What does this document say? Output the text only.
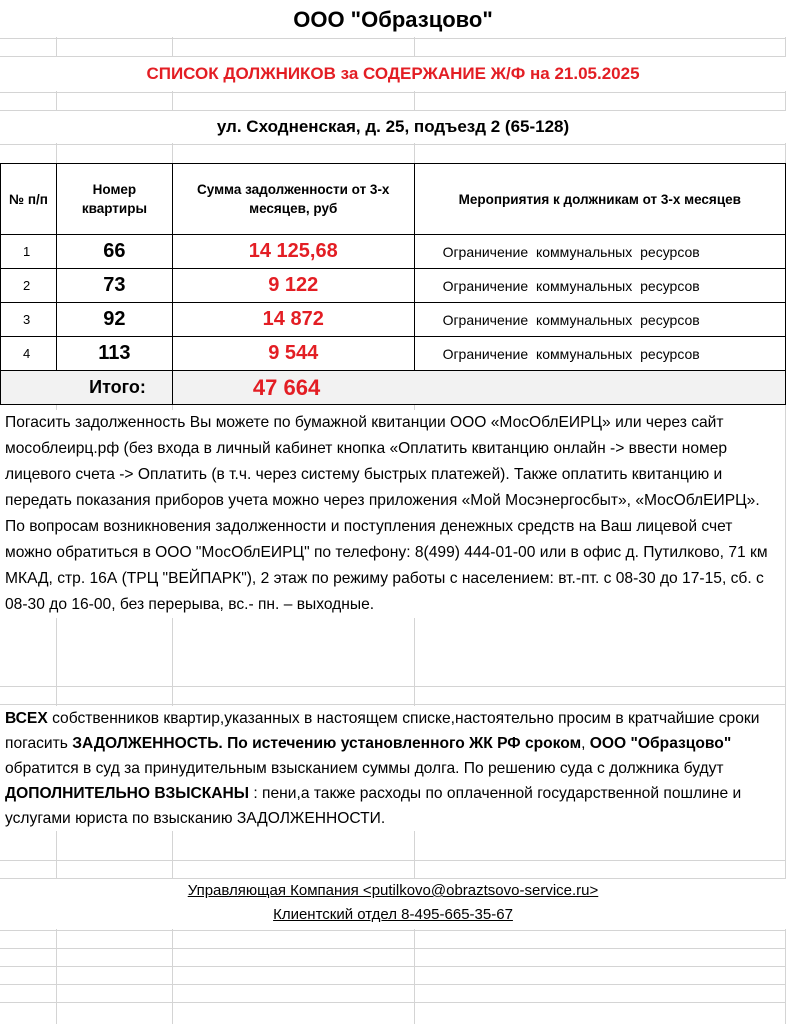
ООО "Образцово"
СПИСОК ДОЛЖНИКОВ за СОДЕРЖАНИЕ Ж/Ф на 21.05.2025
ул. Сходненская, д. 25, подъезд 2 (65-128)
№ п/п	Номер квартиры	Сумма задолженности от 3-х месяцев, руб	Мероприятия к должникам от 3-х месяцев
1	66	14 125,68	Ограничение коммунальных ресурсов
2	73	9 122	Ограничение коммунальных ресурсов
3	92	14 872	Ограничение коммунальных ресурсов
4	113	9 544	Ограничение коммунальных ресурсов
Итого:		47 664	

Погасить задолженность Вы можете по бумажной квитанции ООО «МосОблЕИРЦ» или через сайт мособлеирц.рф (без входа в личный кабинет кнопка «Оплатить квитанцию онлайн -> ввести номер лицевого счета -> Оплатить (в т.ч. через систему быстрых платежей). Также оплатить квитанцию и передать показания приборов учета можно через приложения «Мой Мосэнергосбыт», «МосОблЕИРЦ».

По вопросам возникновения задолженности и поступления денежных средств на Ваш лицевой счет можно обратиться в ООО "МосОблЕИРЦ" по телефону: 8(499) 444-01-00 или в офис д. Путилково, 71 км МКАД, стр. 16А (ТРЦ "ВЕЙПАРК"), 2 этаж по режиму работы с населением: вт.-пт. с 08-30 до 17-15, сб. с 08-30 до 16-00, без перерыва, вс.- пн. – выходные.

ВСЕХ собственников квартир,указанных в настоящем списке,настоятельно просим в кратчайшие сроки погасить ЗАДОЛЖЕННОСТЬ. По истечению установленного ЖК РФ сроком, ООО "Образцово" обратится в суд за принудительным взысканием суммы долга. По решению суда с должника будут ДОПОЛНИТЕЛЬНО ВЗЫСКАНЫ : пени,а также расходы по оплаченной государственной пошлине и услугами юриста по взысканию ЗАДОЛЖЕННОСТИ.
Управляющая Компания <putilkovo@obraztsovo-service.ru>
Клиентский отдел 8-495-665-35-67
